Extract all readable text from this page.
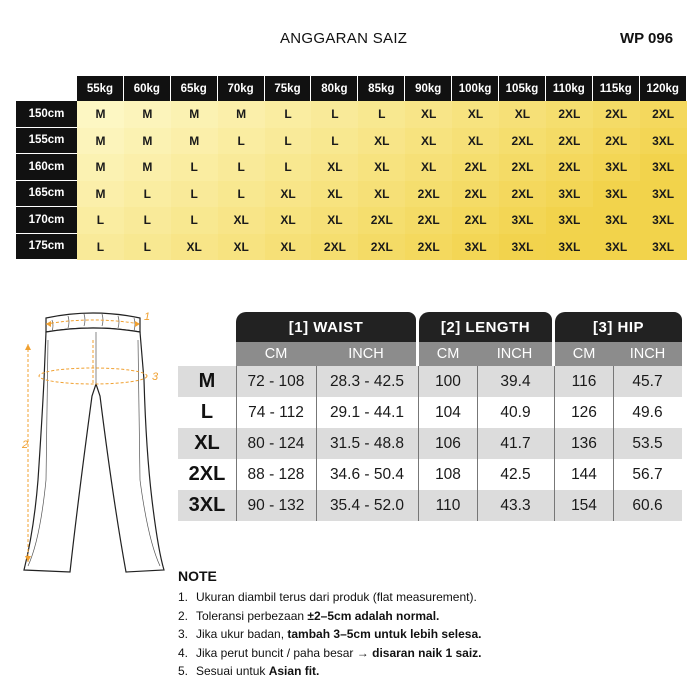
ANGGARAN SAIZ	WP 096
55kg	60kg	65kg	70kg	75kg	80kg	85kg	90kg	100kg	105kg	110kg	115kg	120kg
150cm	M	M	M	M	L	L	L	XL	XL	XL	2XL	2XL	2XL
155cm	M	M	M	L	L	L	XL	XL	XL	2XL	2XL	2XL	3XL
160cm	M	M	L	L	L	XL	XL	XL	2XL	2XL	2XL	3XL	3XL
165cm	M	L	L	L	XL	XL	XL	2XL	2XL	2XL	3XL	3XL	3XL
170cm	L	L	L	XL	XL	XL	2XL	2XL	2XL	3XL	3XL	3XL	3XL
175cm	L	L	XL	XL	XL	2XL	2XL	2XL	3XL	3XL	3XL	3XL	3XL
1
2
3
[1] WAIST	[2] LENGTH	[3] HIP
CM	INCH	CM	INCH	CM	INCH
M	72 - 108	28.3 - 42.5	100	39.4	116	45.7
L	74 - 112	29.1 - 44.1	104	40.9	126	49.6
XL	80 - 124	31.5 - 48.8	106	41.7	136	53.5
2XL	88 - 128	34.6 - 50.4	108	42.5	144	56.7
3XL	90 - 132	35.4 - 52.0	110	43.3	154	60.6
NOTE
1. Ukuran diambil terus dari produk (flat measurement).
2. Toleransi perbezaan ±2–5cm adalah normal.
3. Jika ukur badan, tambah 3–5cm untuk lebih selesa.
4. Jika perut buncit / paha besar → disaran naik 1 saiz.
5. Sesuai untuk Asian fit.
